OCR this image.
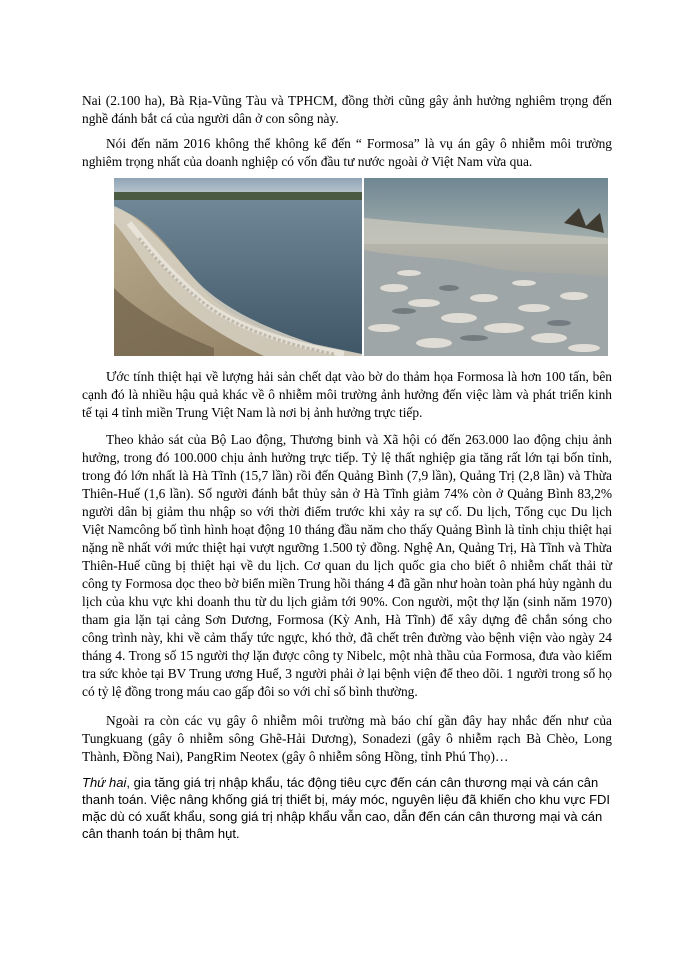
Nai (2.100 ha), Bà Rịa-Vũng Tàu và TPHCM, đồng thời cũng gây ảnh hưởng nghiêm trọng đến nghề đánh bắt cá của người dân ở con sông này.

Nói đến năm 2016 không thể không kể đến “ Formosa” là vụ án gây ô nhiễm môi trường nghiêm trọng nhất của doanh nghiệp có vốn đầu tư nước ngoài ở Việt Nam vừa qua.

Ước tính thiệt hại về lượng hải sản chết dạt vào bờ do thảm họa Formosa là hơn 100 tấn, bên cạnh đó là nhiều hậu quả khác về ô nhiễm môi trường ảnh hưởng đến việc làm và phát triển kinh tế tại 4 tỉnh miền Trung Việt Nam là nơi bị ảnh hưởng trực tiếp.

Theo khảo sát của Bộ Lao động, Thương binh và Xã hội có đến 263.000 lao động chịu ảnh hưởng, trong đó 100.000 chịu ảnh hưởng trực tiếp. Tỷ lệ thất nghiệp gia tăng rất lớn tại bốn tỉnh, trong đó lớn nhất là Hà Tĩnh (15,7 lần) rồi đến Quảng Bình (7,9 lần), Quảng Trị (2,8 lần) và Thừa Thiên-Huế (1,6 lần). Số người đánh bắt thủy sản ở Hà Tĩnh giảm 74% còn ở Quảng Bình 83,2% người dân bị giảm thu nhập so với thời điểm trước khi xảy ra sự cố. Du lịch, Tổng cục Du lịch Việt Namcông bố tình hình hoạt động 10 tháng đầu năm cho thấy Quảng Bình là tỉnh chịu thiệt hại nặng nề nhất với mức thiệt hại vượt ngưỡng 1.500 tỷ đồng. Nghệ An, Quảng Trị, Hà Tĩnh và Thừa Thiên-Huế cũng bị thiệt hại về du lịch. Cơ quan du lịch quốc gia cho biết ô nhiễm chất thải từ công ty Formosa dọc theo bờ biển miền Trung hồi tháng 4 đã gần như hoàn toàn phá hủy ngành du lịch của khu vực khi doanh thu từ du lịch giảm tới 90%. Con người, một thợ lặn (sinh năm 1970) tham gia lặn tại cảng Sơn Dương, Formosa (Kỳ Anh, Hà Tĩnh) để xây dựng đê chắn sóng cho công trình này, khi về cảm thấy tức ngực, khó thở, đã chết trên đường vào bệnh viện vào ngày 24 tháng 4. Trong số 15 người thợ lặn được công ty Nibelc, một nhà thầu của Formosa, đưa vào kiểm tra sức khỏe tại BV Trung ương Huế, 3 người phải ở lại bệnh viện để theo dõi. 1 người trong số họ có tỷ lệ đồng trong máu cao gấp đôi so với chỉ số bình thường.

Ngoài ra còn các vụ gây ô nhiễm môi trường mà báo chí gần đây hay nhắc đến như của Tungkuang (gây ô nhiễm sông Ghẽ-Hải Dương), Sonadezi (gây ô nhiễm rạch Bà Chèo, Long Thành, Đồng Nai), PangRim Neotex (gây ô nhiễm sông Hồng, tỉnh Phú Thọ)…

Thứ hai, gia tăng giá trị nhập khẩu, tác động tiêu cực đến cán cân thương mại và cán cân thanh toán. Việc nâng khống giá trị thiết bị, máy móc, nguyên liệu đã khiến cho khu vực FDI mặc dù có xuất khẩu, song giá trị nhập khẩu vẫn cao, dẫn đến cán cân thương mại và cán cân thanh toán bị thâm hụt.
